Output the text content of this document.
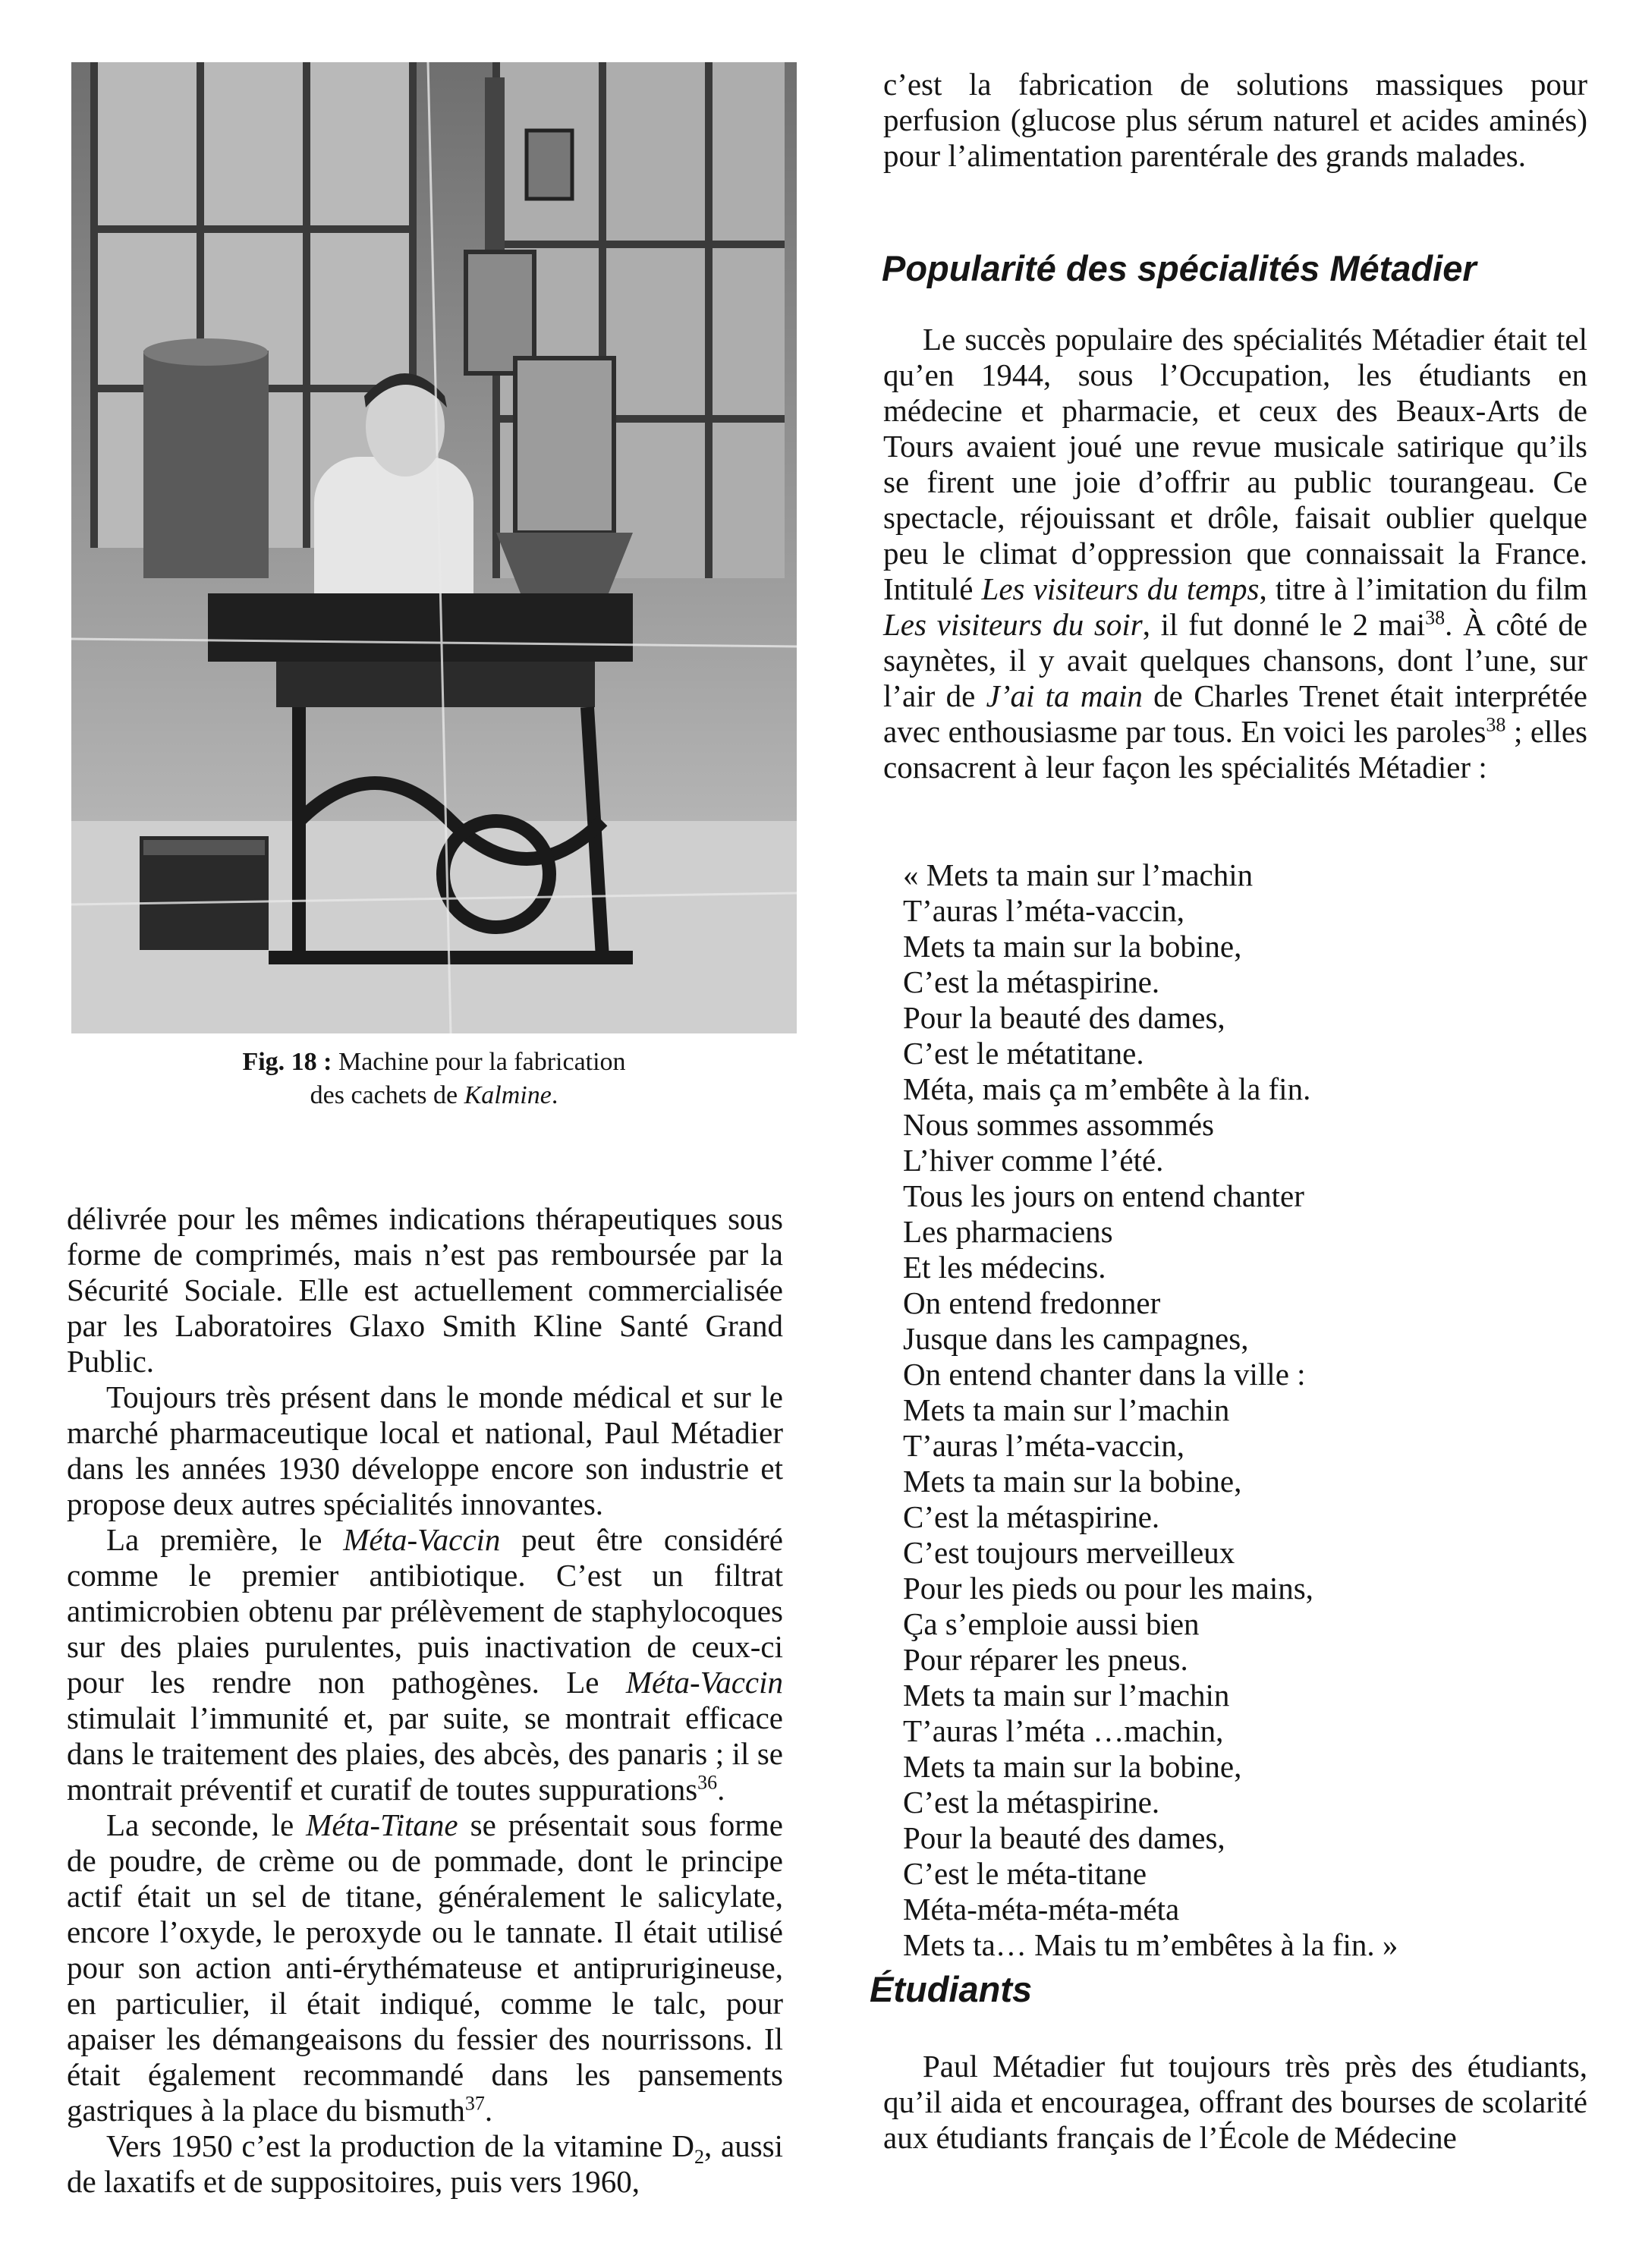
Fig. 18 : Machine pour la fabrication
des cachets de Kalmine.

délivrée pour les mêmes indications thérapeutiques sous forme de comprimés, mais n’est pas remboursée par la Sécurité Sociale. Elle est actuellement commercialisée par les Laboratoires Glaxo Smith Kline Santé Grand Public.

Toujours très présent dans le monde médical et sur le marché pharmaceutique local et national, Paul Métadier dans les années 1930 développe encore son industrie et propose deux autres spécialités innovantes.

La première, le Méta-Vaccin peut être considéré comme le premier antibiotique. C’est un filtrat antimicrobien obtenu par prélèvement de staphylocoques sur des plaies purulentes, puis inactivation de ceux-ci pour les rendre non pathogènes. Le Méta-Vaccin stimulait l’immunité et, par suite, se montrait efficace dans le traitement des plaies, des abcès, des panaris ; il se montrait préventif et curatif de toutes suppurations$^{36}$.

La seconde, le Méta-Titane se présentait sous forme de poudre, de crème ou de pommade, dont le principe actif était un sel de titane, généralement le salicylate, encore l’oxyde, le peroxyde ou le tannate. Il était utilisé pour son action anti-érythémateuse et antiprurigineuse, en particulier, il était indiqué, comme le talc, pour apaiser les démangeaisons du fessier des nourrissons. Il était également recommandé dans les pansements gastriques à la place du bismuth$^{37}$.

Vers 1950 c’est la production de la vitamine $D_2$, aussi de laxatifs et de suppositoires, puis vers 1960,

c’est la fabrication de solutions massiques pour perfusion (glucose plus sérum naturel et acides aminés) pour l’alimentation parentérale des grands malades.

Popularité des spécialités Métadier

Le succès populaire des spécialités Métadier était tel qu’en 1944, sous l’Occupation, les étudiants en médecine et pharmacie, et ceux des Beaux-Arts de Tours avaient joué une revue musicale satirique qu’ils se firent une joie d’offrir au public tourangeau. Ce spectacle, réjouissant et drôle, faisait oublier quelque peu le climat d’oppression que connaissait la France. Intitulé Les visiteurs du temps, titre à l’imitation du film Les visiteurs du soir, il fut donné le 2 mai$^{38}$. À côté de saynètes, il y avait quelques chansons, dont l’une, sur l’air de J’ai ta main de Charles Trenet était interprétée avec enthousiasme par tous. En voici les paroles$^{38}$ ; elles consacrent à leur façon les spécialités Métadier :

« Mets ta main sur l’machin
T’auras l’méta-vaccin,
Mets ta main sur la bobine,
C’est la métaspirine.
Pour la beauté des dames,
C’est le métatitane.
Méta, mais ça m’embête à la fin.
Nous sommes assommés
L’hiver comme l’été.
Tous les jours on entend chanter
Les pharmaciens
Et les médecins.
On entend fredonner
Jusque dans les campagnes,
On entend chanter dans la ville :
Mets ta main sur l’machin
T’auras l’méta-vaccin,
Mets ta main sur la bobine,
C’est la métaspirine.
C’est toujours merveilleux
Pour les pieds ou pour les mains,
Ça s’emploie aussi bien
Pour réparer les pneus.
Mets ta main sur l’machin
T’auras l’méta …machin,
Mets ta main sur la bobine,
C’est la métaspirine.
Pour la beauté des dames,
C’est le méta-titane
Méta-méta-méta-méta
Mets ta… Mais tu m’embêtes à la fin. »
Étudiants

Paul Métadier fut toujours très près des étudiants, qu’il aida et encouragea, offrant des bourses de scolarité aux étudiants français de l’École de Médecine
